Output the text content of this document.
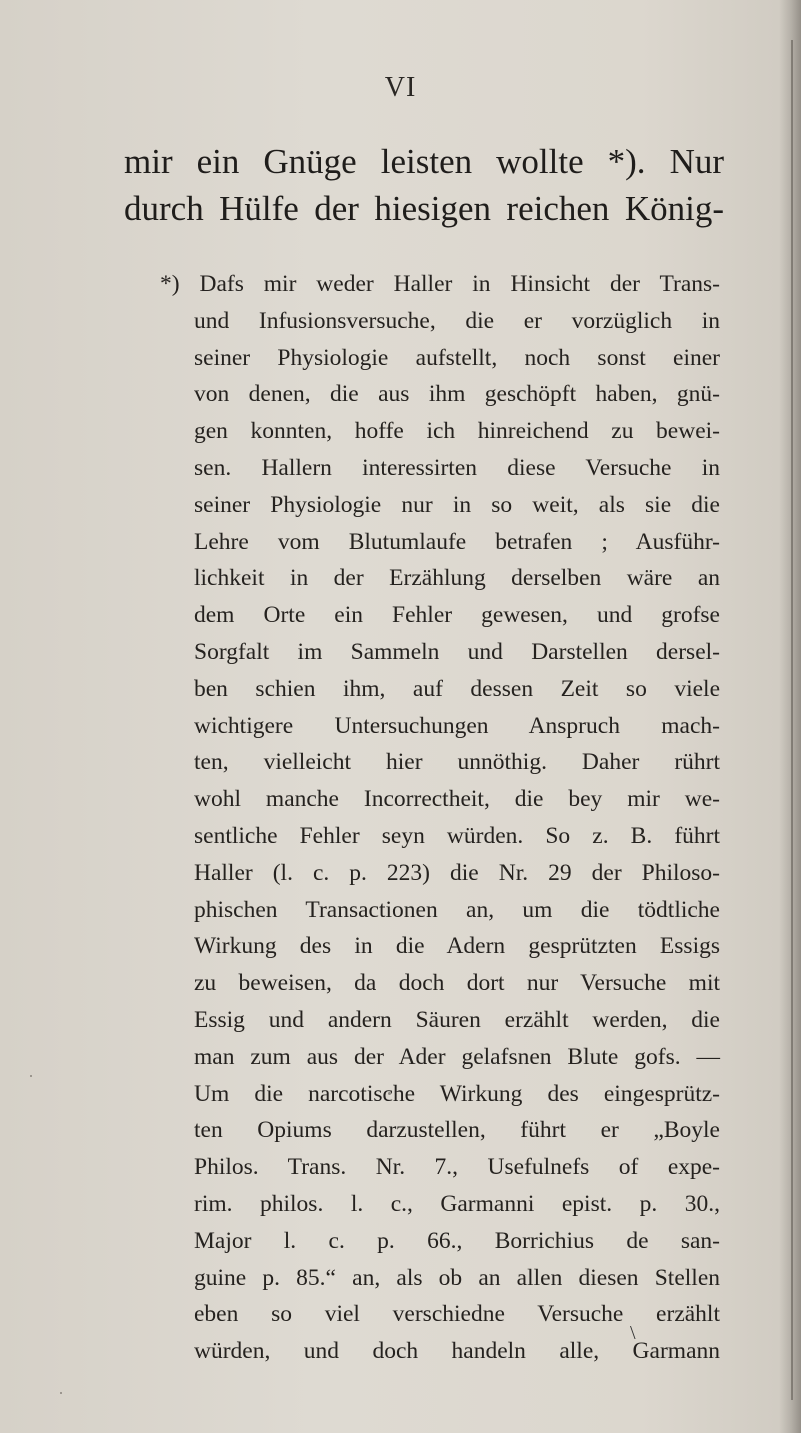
VI
mir ein Gnüge leisten wollte *). Nur
durch Hülfe der hiesigen reichen König-
*) Dafs mir weder Haller in Hinsicht der Trans-
und Infusionsversuche, die er vorzüglich in
seiner Physiologie aufstellt, noch sonst einer
von denen, die aus ihm geschöpft haben, gnü-
gen konnten, hoffe ich hinreichend zu bewei-
sen. Hallern interessirten diese Versuche in
seiner Physiologie nur in so weit, als sie die
Lehre vom Blutumlaufe betrafen ; Ausführ-
lichkeit in der Erzählung derselben wäre an
dem Orte ein Fehler gewesen, und grofse
Sorgfalt im Sammeln und Darstellen dersel-
ben schien ihm, auf dessen Zeit so viele
wichtigere Untersuchungen Anspruch mach-
ten, vielleicht hier unnöthig. Daher rührt
wohl manche Incorrectheit, die bey mir we-
sentliche Fehler seyn würden. So z. B. führt
Haller (l. c. p. 223) die Nr. 29 der Philoso-
phischen Transactionen an, um die tödtliche
Wirkung des in die Adern gesprützten Essigs
zu beweisen, da doch dort nur Versuche mit
Essig und andern Säuren erzählt werden, die
man zum aus der Ader gelafsnen Blute gofs. —
Um die narcotische Wirkung des eingesprütz-
ten Opiums darzustellen, führt er „Boyle
Philos. Trans. Nr. 7., Usefulnefs of expe-
rim. philos. l. c., Garmanni epist. p. 30.,
Major l. c. p. 66., Borrichius de san-
guine p. 85.“ an, als ob an allen diesen Stellen
eben so viel verschiedne Versuche erzählt
würden, und doch handeln alle, Garmann
\
